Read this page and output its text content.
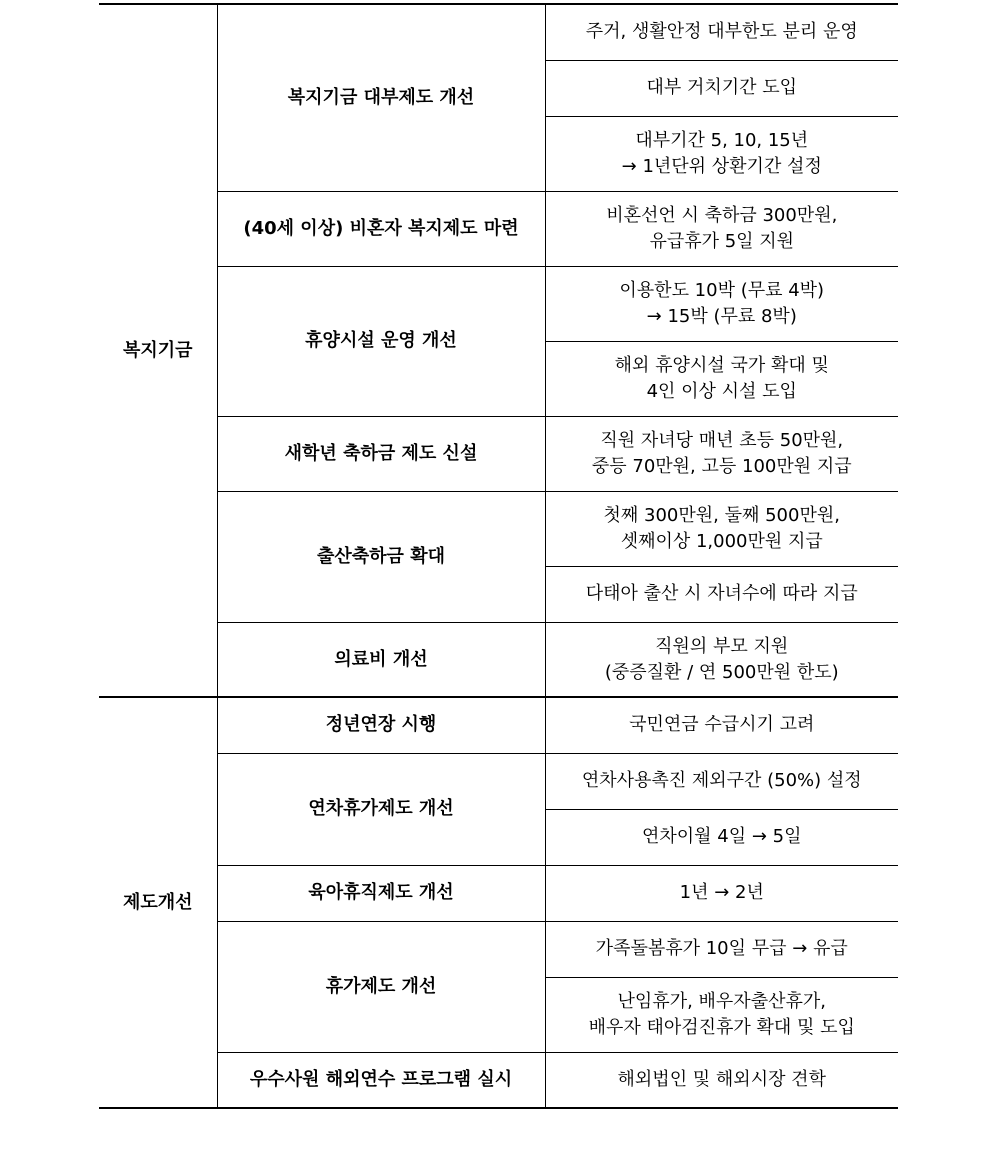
복지기금	복지기금 대부제도 개선	주거, 생활안정 대부한도 분리 운영

		대부 거치기간 도입

		대부기간 5, 10, 15년
→ 1년단위 상환기간 설정

	(40세 이상) 비혼자 복지제도 마련	비혼선언 시 축하금 300만원,
유급휴가 5일 지원

	휴양시설 운영 개선	이용한도 10박 (무료 4박)
→ 15박 (무료 8박)

		해외 휴양시설 국가 확대 및
4인 이상 시설 도입

	새학년 축하금 제도 신설	직원 자녀당 매년 초등 50만원,
중등 70만원, 고등 100만원 지급

	출산축하금 확대	첫째 300만원, 둘째 500만원,
셋째이상 1,000만원 지급

		다태아 출산 시 자녀수에 따라 지급

	의료비 개선	직원의 부모 지원
(중증질환 / 연 500만원 한도)

제도개선	정년연장 시행	국민연금 수급시기 고려

	연차휴가제도 개선	연차사용촉진 제외구간 (50%) 설정

		연차이월 4일 → 5일

	육아휴직제도 개선	1년 → 2년

	휴가제도 개선	가족돌봄휴가 10일 무급 → 유급

		난임휴가, 배우자출산휴가,
배우자 태아검진휴가 확대 및 도입

	우수사원 해외연수 프로그램 실시	해외법인 및 해외시장 견학
